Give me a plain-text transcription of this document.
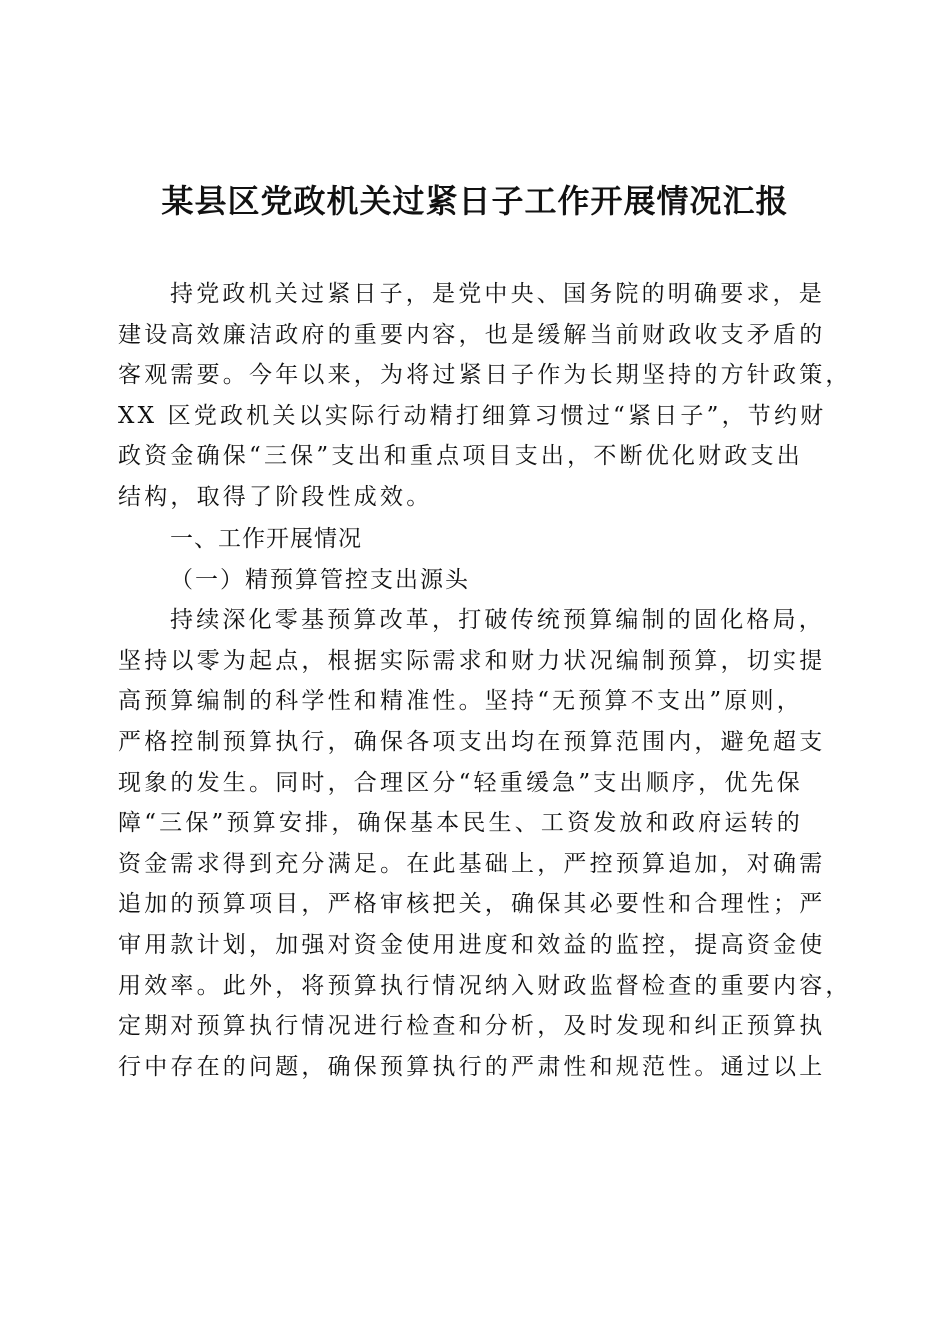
某县区党政机关过紧日子工作开展情况汇报
持党政机关过紧日子，是党中央、国务院的明确要求，是
建设高效廉洁政府的重要内容，也是缓解当前财政收支矛盾的
客观需要。今年以来，为将过紧日子作为长期坚持的方针政策，
XX 区党政机关以实际行动精打细算习惯过“紧日子”，节约财
政资金确保“三保”支出和重点项目支出，不断优化财政支出
结构，取得了阶段性成效。
一、工作开展情况
（一）精预算管控支出源头
持续深化零基预算改革，打破传统预算编制的固化格局，
坚持以零为起点，根据实际需求和财力状况编制预算，切实提
高预算编制的科学性和精准性。坚持“无预算不支出”原则，
严格控制预算执行，确保各项支出均在预算范围内，避免超支
现象的发生。同时，合理区分“轻重缓急”支出顺序，优先保
障“三保”预算安排，确保基本民生、工资发放和政府运转的
资金需求得到充分满足。在此基础上，严控预算追加，对确需
追加的预算项目，严格审核把关，确保其必要性和合理性；严
审用款计划，加强对资金使用进度和效益的监控，提高资金使
用效率。此外，将预算执行情况纳入财政监督检查的重要内容，
定期对预算执行情况进行检查和分析，及时发现和纠正预算执
行中存在的问题，确保预算执行的严肃性和规范性。通过以上
